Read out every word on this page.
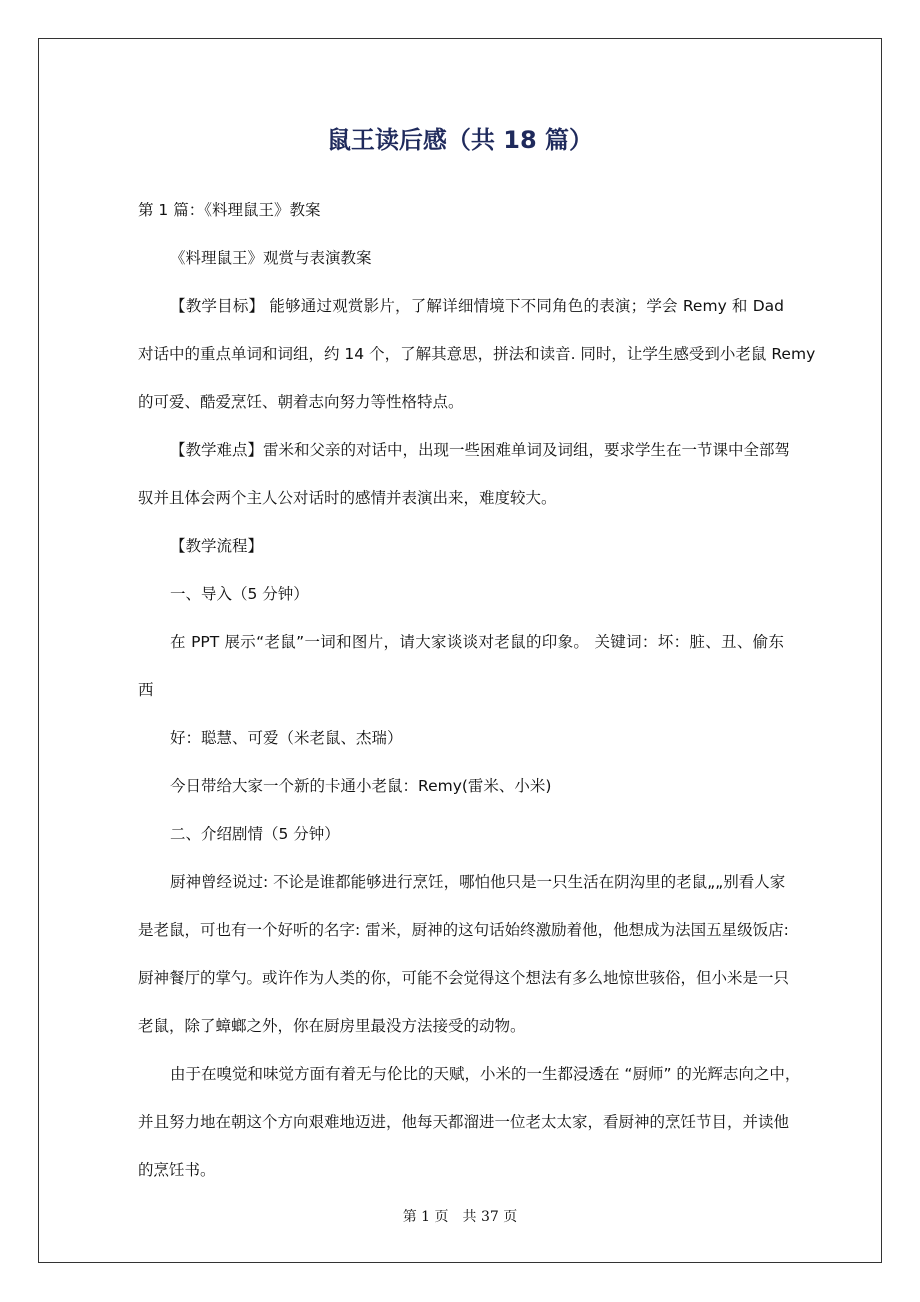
鼠王读后感（共 18 篇）
第 1 篇：《料理鼠王》教案
《料理鼠王》观赏与表演教案
【教学目标】 能够通过观赏影片，了解详细情境下不同角色的表演；学会 Remy 和 Dad
对话中的重点单词和词组，约 14 个，了解其意思，拼法和读音. 同时，让学生感受到小老鼠 Remy
的可爱、酷爱烹饪、朝着志向努力等性格特点。
【教学难点】雷米和父亲的对话中，出现一些困难单词及词组，要求学生在一节课中全部驾
驭并且体会两个主人公对话时的感情并表演出来，难度较大。
【教学流程】
一、导入（5 分钟）
在 PPT 展示“老鼠”一词和图片，请大家谈谈对老鼠的印象。 关键词：坏：脏、丑、偷东
西
好：聪慧、可爱（米老鼠、杰瑞）
今日带给大家一个新的卡通小老鼠：Remy(雷米、小米)
二、介绍剧情（5 分钟）
厨神曾经说过: 不论是谁都能够进行烹饪，哪怕他只是一只生活在阴沟里的老鼠„„别看人家
是老鼠，可也有一个好听的名字: 雷米，厨神的这句话始终激励着他，他想成为法国五星级饭店:
厨神餐厅的掌勺。或许作为人类的你，可能不会觉得这个想法有多么地惊世骇俗，但小米是一只
老鼠，除了蟑螂之外，你在厨房里最没方法接受的动物。
由于在嗅觉和味觉方面有着无与伦比的天赋，小米的一生都浸透在 “厨师” 的光辉志向之中，
并且努力地在朝这个方向艰难地迈进，他每天都溜进一位老太太家，看厨神的烹饪节目，并读他
的烹饪书。
第 1 页　共 37 页
